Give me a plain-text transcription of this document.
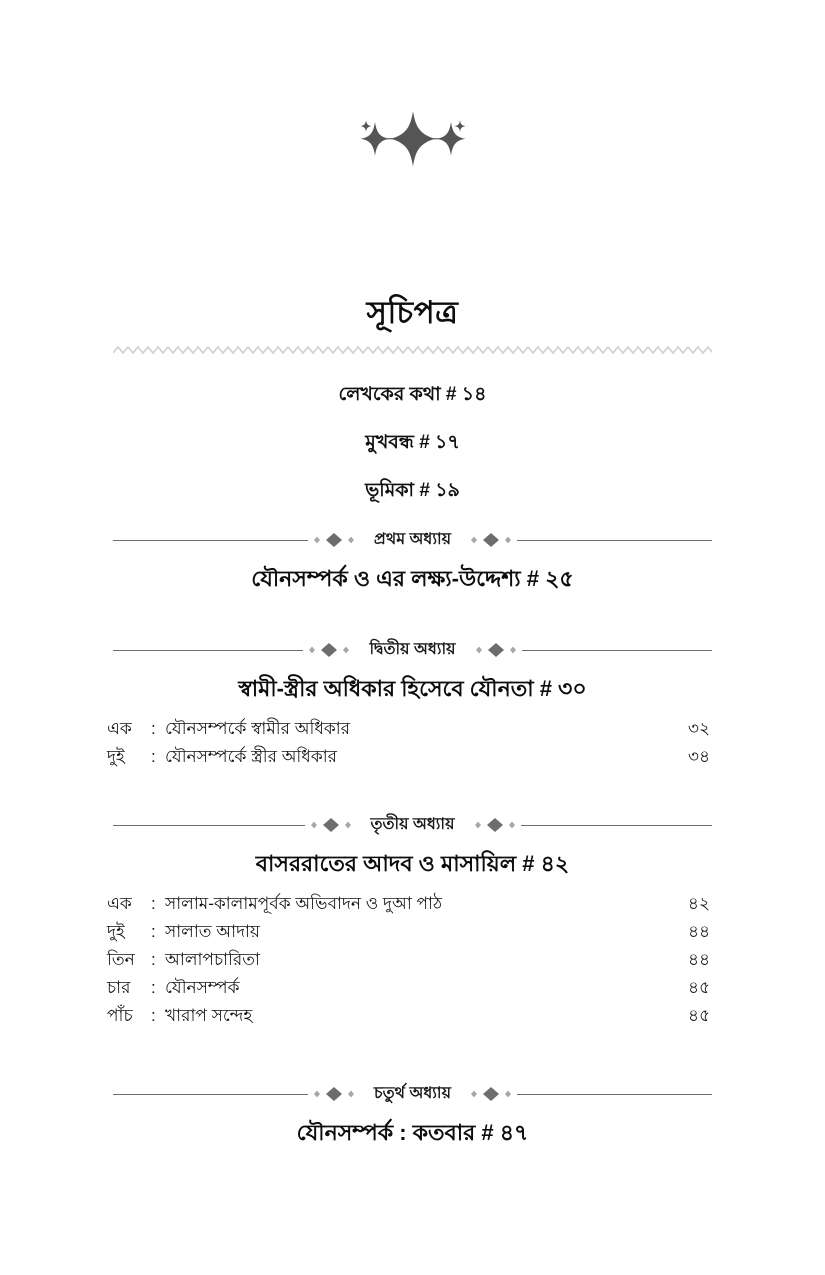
সূচিপত্র
লেখকের কথা # ১৪
মুখবন্ধ # ১৭
ভূমিকা # ১৯
প্রথম অধ্যায়
যৌনসম্পর্ক ও এর লক্ষ্য-উদ্দেশ্য # ২৫
দ্বিতীয় অধ্যায়
স্বামী-স্ত্রীর অধিকার হিসেবে যৌনতা # ৩০
এক	: যৌনসম্পর্কে স্বামীর অধিকার	৩২
দুই	: যৌনসম্পর্কে স্ত্রীর অধিকার	৩৪
তৃতীয় অধ্যায়
বাসররাতের আদব ও মাসায়িল # ৪২
এক	: সালাম-কালামপূর্বক অভিবাদন ও দুআ পাঠ	৪২
দুই	: সালাত আদায়	৪৪
তিন : আলাপচারিতা	৪৪
চার	: যৌনসম্পর্ক	৪৫
পাঁচ	: খারাপ সন্দেহ	৪৫
চতুর্থ অধ্যায়
যৌনসম্পর্ক : কতবার # ৪৭
